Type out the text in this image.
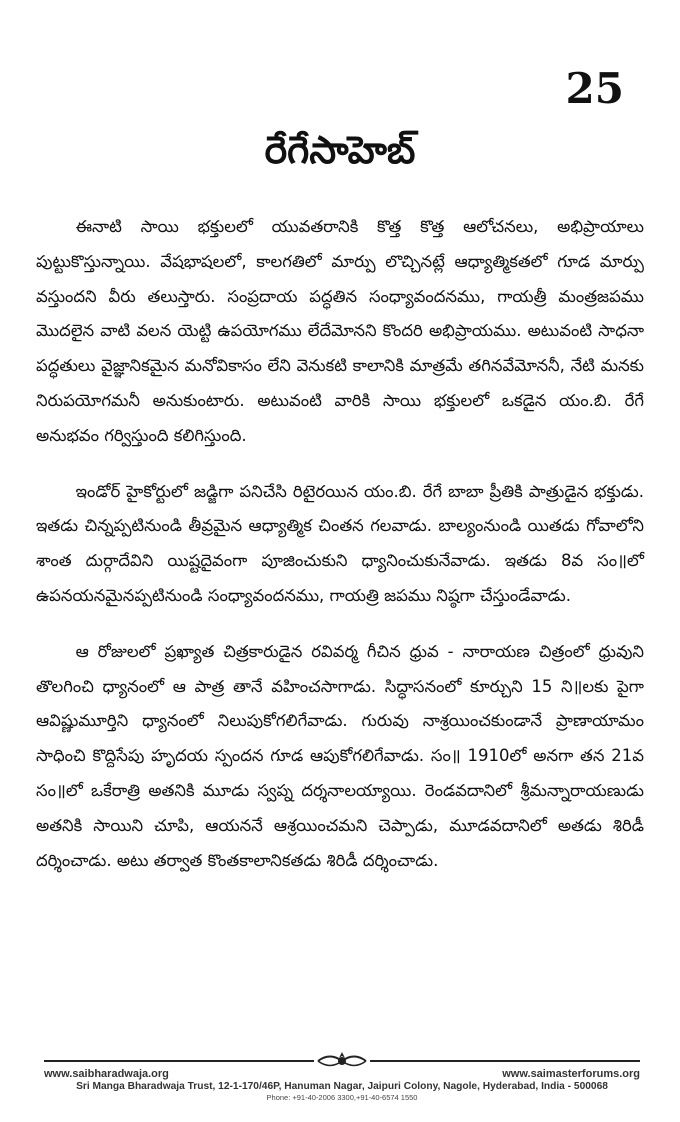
25
రేగేసాహెబ్

ఈనాటి సాయి భక్తులలో యువతరానికి కొత్త కొత్త ఆలోచనలు, అభిప్రాయాలు పుట్టుకొస్తున్నాయి. వేషభాషలలో, కాలగతిలో మార్పు లొచ్చినట్లే ఆధ్యాత్మికతలో గూడ మార్పు వస్తుందని వీరు తలుస్తారు. సంప్రదాయ పద్ధతిన సంధ్యావందనము, గాయత్రీ మంత్రజపము మొదలైన వాటి వలన యెట్టి ఉపయోగము లేదేమోనని కొందరి అభిప్రాయము. అటువంటి సాధనా పద్ధతులు వైజ్ఞానికమైన మనోవికాసం లేని వెనుకటి కాలానికి మాత్రమే తగినవేమోననీ, నేటి మనకు నిరుపయోగమనీ అనుకుంటారు. అటువంటి వారికి సాయి భక్తులలో ఒకడైన యం.బి. రేగే అనుభవం గర్విస్తుంది కలిగిస్తుంది.

ఇండోర్ హైకోర్టులో జడ్జిగా పనిచేసి రిటైరయిన యం.బి. రేగే బాబా ప్రీతికి పాత్రుడైన భక్తుడు. ఇతడు చిన్నప్పటినుండి తీవ్రమైన ఆధ్యాత్మిక చింతన గలవాడు. బాల్యంనుండి యితడు గోవాలోని శాంత దుర్గాదేవిని యిష్టదైవంగా పూజించుకుని ధ్యానించుకునేవాడు. ఇతడు 8వ సం॥లో ఉపనయనమైనప్పటినుండి సంధ్యావందనము, గాయత్రి జపము నిష్ఠగా చేస్తుండేవాడు.

ఆ రోజులలో ప్రఖ్యాత చిత్రకారుడైన రవివర్మ గీచిన ధ్రువ - నారాయణ చిత్రంలో ధ్రువుని తొలగించి ధ్యానంలో ఆ పాత్ర తానే వహించసాగాడు. సిద్ధాసనంలో కూర్చుని 15 ని॥లకు పైగా ఆవిష్ణుమూర్తిని ధ్యానంలో నిలుపుకోగలిగేవాడు. గురువు నాశ్రయించకుండానే ప్రాణాయామం సాధించి కొద్దిసేపు హృదయ స్పందన గూడ ఆపుకోగలిగేవాడు. సం॥ 1910లో అనగా తన 21వ సం॥లో ఒకేరాత్రి అతనికి మూడు స్వప్న దర్శనాలయ్యాయి. రెండవదానిలో శ్రీమన్నారాయణుడు అతనికి సాయిని చూపి, ఆయననే ఆశ్రయించమని చెప్పాడు, మూడవదానిలో అతడు శిరిడీ దర్శించాడు. అటు తర్వాత కొంతకాలానికతడు శిరిడీ దర్శించాడు.

www.saibharadwaja.org	www.saimasterforums.org
Sri Manga Bharadwaja Trust, 12-1-170/46P, Hanuman Nagar, Jaipuri Colony, Nagole, Hyderabad, India - 500068
Phone: +91-40-2006 3300,+91-40-6574 1550
